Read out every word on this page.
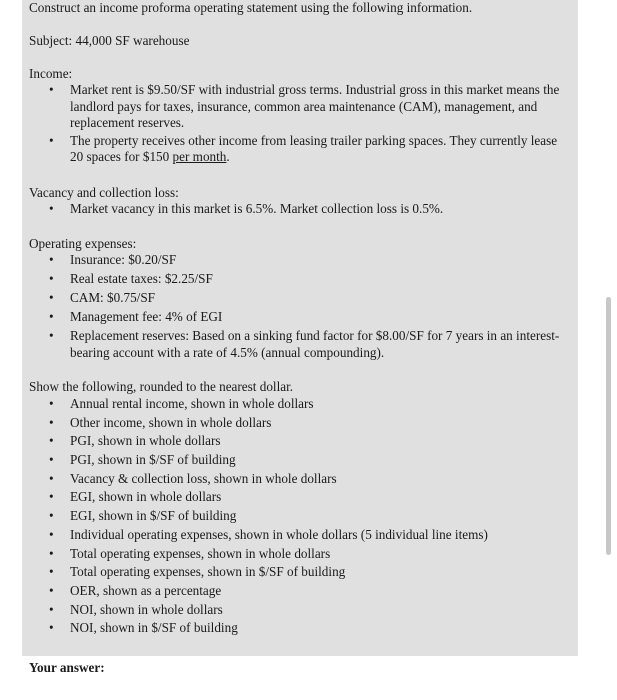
Construct an income proforma operating statement using the following information.
Subject: 44,000 SF warehouse
Income:
• Market rent is $9.50/SF with industrial gross terms. Industrial gross in this market means the landlord pays for taxes, insurance, common area maintenance (CAM), management, and replacement reserves.
• The property receives other income from leasing trailer parking spaces. They currently lease 20 spaces for $150 per month.
Vacancy and collection loss:
• Market vacancy in this market is 6.5%. Market collection loss is 0.5%.
Operating expenses:
• Insurance: $0.20/SF
• Real estate taxes: $2.25/SF
• CAM: $0.75/SF
• Management fee: 4% of EGI
• Replacement reserves: Based on a sinking fund factor for $8.00/SF for 7 years in an interest-bearing account with a rate of 4.5% (annual compounding).
Show the following, rounded to the nearest dollar.
• Annual rental income, shown in whole dollars
• Other income, shown in whole dollars
• PGI, shown in whole dollars
• PGI, shown in $/SF of building
• Vacancy & collection loss, shown in whole dollars
• EGI, shown in whole dollars
• EGI, shown in $/SF of building
• Individual operating expenses, shown in whole dollars (5 individual line items)
• Total operating expenses, shown in whole dollars
• Total operating expenses, shown in $/SF of building
• OER, shown as a percentage
• NOI, shown in whole dollars
• NOI, shown in $/SF of building
Your answer:
